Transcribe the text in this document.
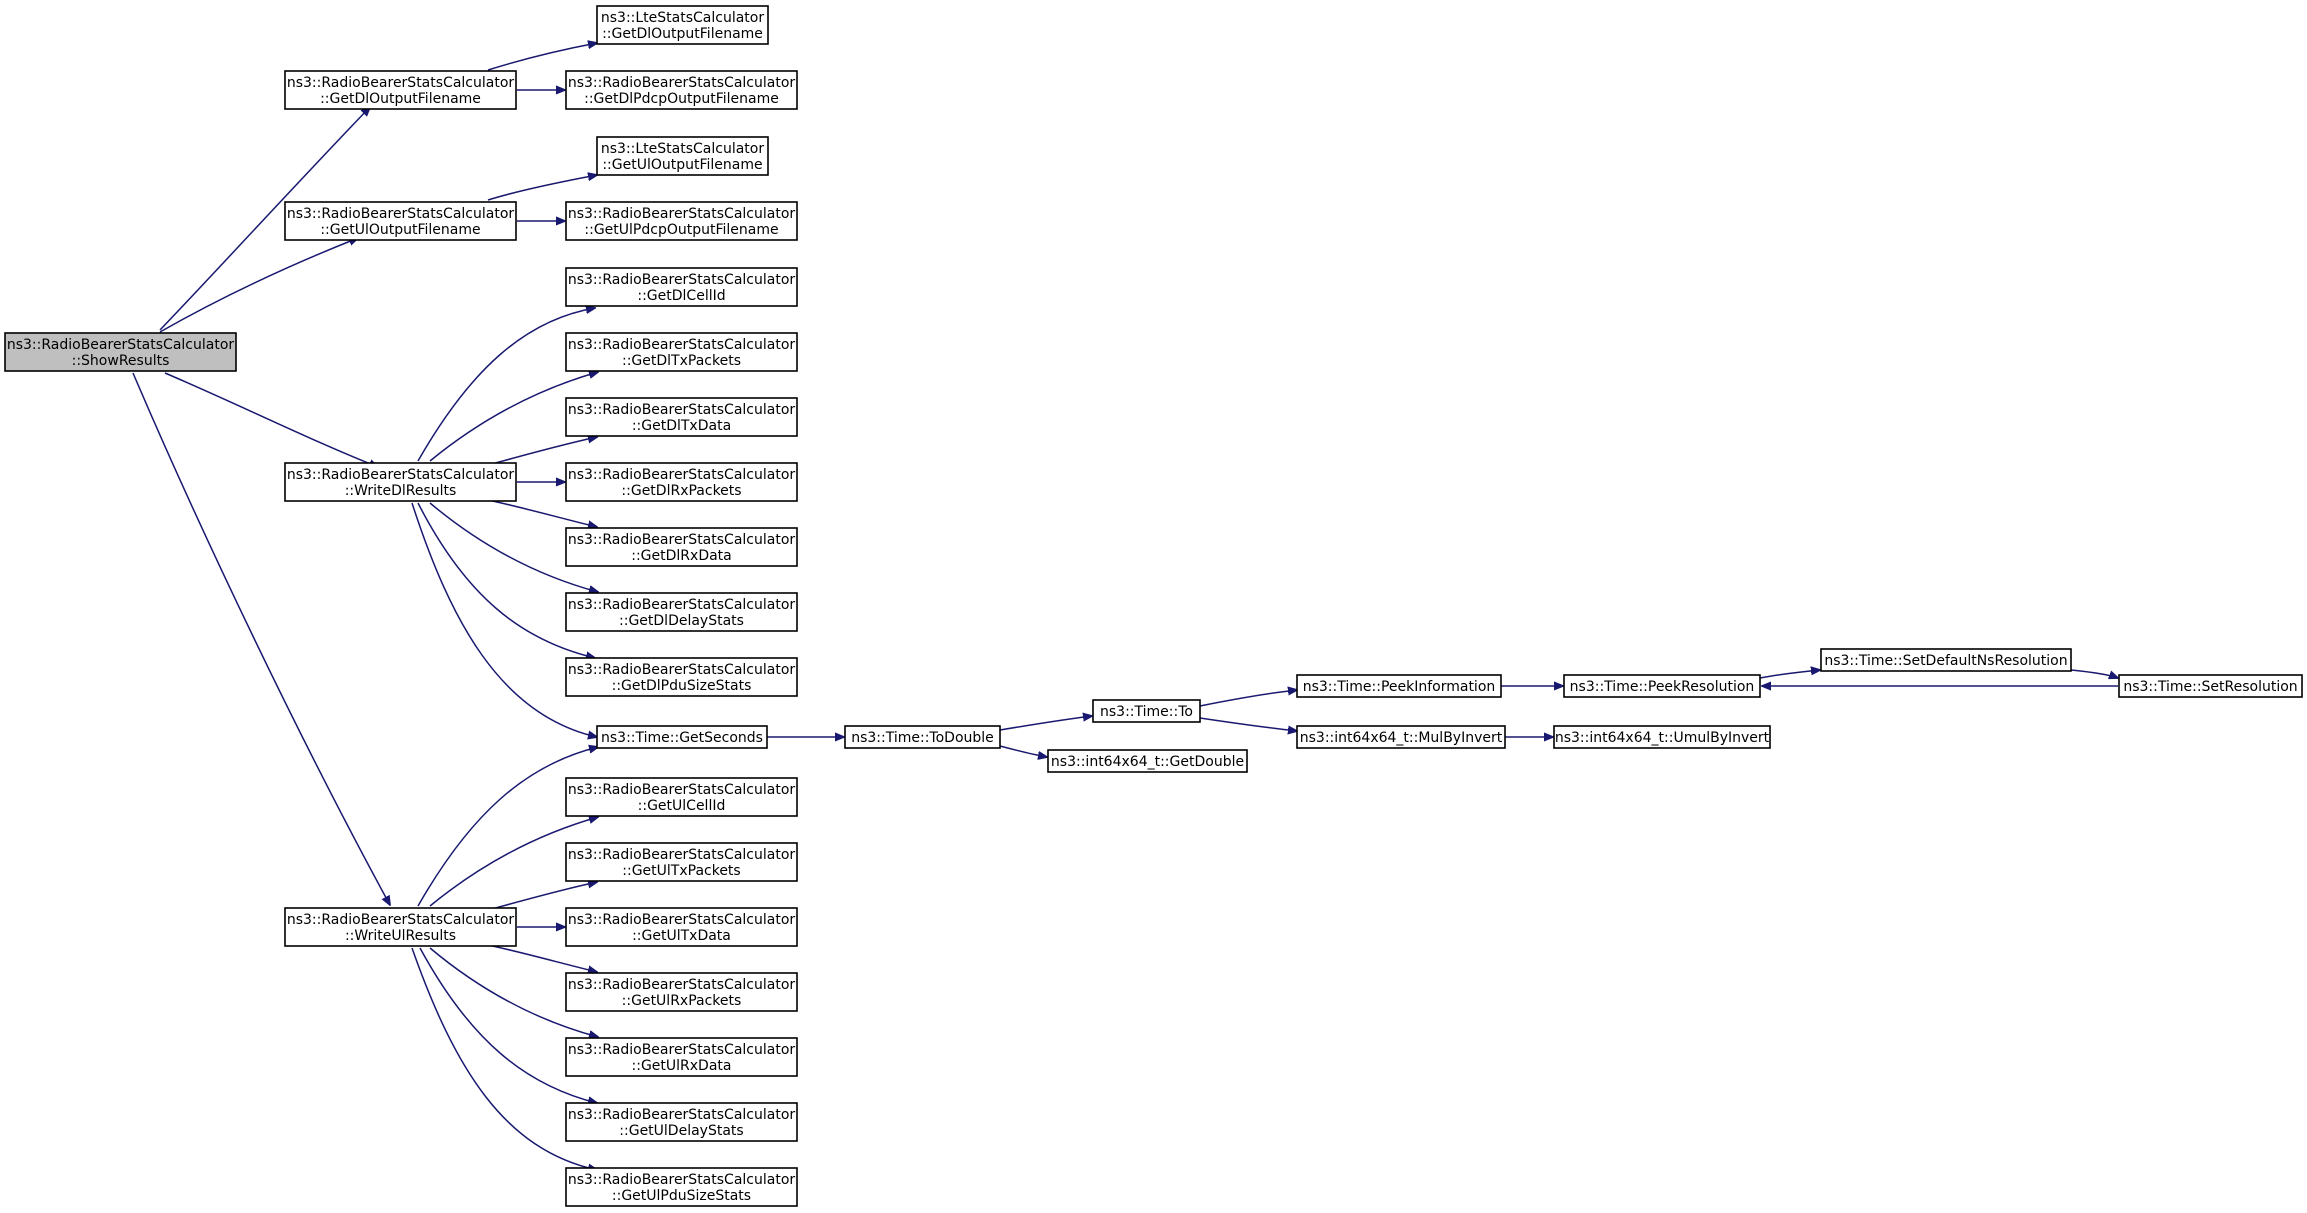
ns3::RadioBearerStatsCalculator
::ShowResults
ns3::RadioBearerStatsCalculator
::GetDlOutputFilename
ns3::LteStatsCalculator
::GetDlOutputFilename
ns3::RadioBearerStatsCalculator
::GetDlPdcpOutputFilename
ns3::RadioBearerStatsCalculator
::GetUlOutputFilename
ns3::LteStatsCalculator
::GetUlOutputFilename
ns3::RadioBearerStatsCalculator
::GetUlPdcpOutputFilename
ns3::RadioBearerStatsCalculator
::WriteDlResults
ns3::RadioBearerStatsCalculator
::GetDlCellId
ns3::RadioBearerStatsCalculator
::GetDlTxPackets
ns3::RadioBearerStatsCalculator
::GetDlTxData
ns3::RadioBearerStatsCalculator
::GetDlRxPackets
ns3::RadioBearerStatsCalculator
::GetDlRxData
ns3::RadioBearerStatsCalculator
::GetDlDelayStats
ns3::RadioBearerStatsCalculator
::GetDlPduSizeStats
ns3::Time::GetSeconds	ns3::Time::ToDouble
ns3::Time::To
ns3::int64x64_t::GetDouble
ns3::Time::PeekInformation
ns3::int64x64_t::MulByInvert
ns3::Time::PeekResolution
ns3::int64x64_t::UmulByInvert
ns3::Time::SetDefaultNsResolution
ns3::Time::SetResolution
ns3::RadioBearerStatsCalculator
::WriteUlResults
ns3::RadioBearerStatsCalculator
::GetUlCellId
ns3::RadioBearerStatsCalculator
::GetUlTxPackets
ns3::RadioBearerStatsCalculator
::GetUlTxData
ns3::RadioBearerStatsCalculator
::GetUlRxPackets
ns3::RadioBearerStatsCalculator
::GetUlRxData
ns3::RadioBearerStatsCalculator
::GetUlDelayStats
ns3::RadioBearerStatsCalculator
::GetUlPduSizeStats
